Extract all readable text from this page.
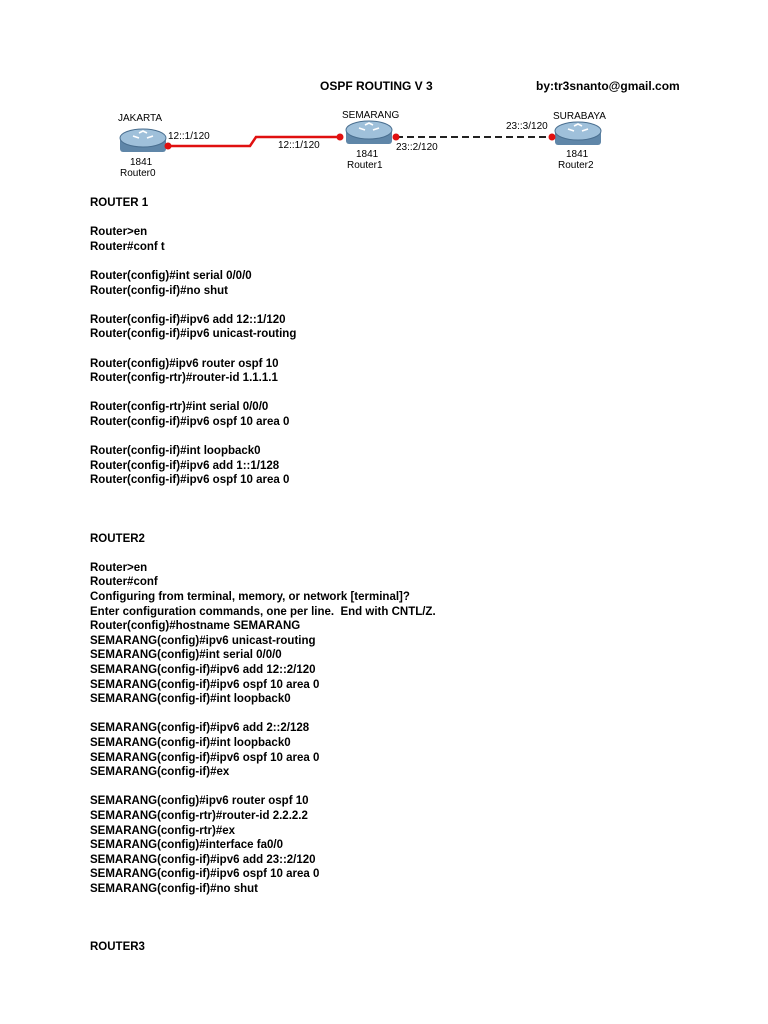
OSPF ROUTING V 3	by:tr3snanto@gmail.com
JAKARTA
1841
Router0
SEMARANG
1841
Router1
SURABAYA
1841
Router2
12::1/120
12::1/120	23::2/120
23::3/120
ROUTER 1
Router>en
Router#conf t
Router(config)#int serial 0/0/0
Router(config-if)#no shut
Router(config-if)#ipv6 add 12::1/120
Router(config-if)#ipv6 unicast-routing
Router(config)#ipv6 router ospf 10
Router(config-rtr)#router-id 1.1.1.1
Router(config-rtr)#int serial 0/0/0
Router(config-if)#ipv6 ospf 10 area 0
Router(config-if)#int loopback0
Router(config-if)#ipv6 add 1::1/128
Router(config-if)#ipv6 ospf 10 area 0
ROUTER2
Router>en
Router#conf
Configuring from terminal, memory, or network [terminal]?
Enter configuration commands, one per line.  End with CNTL/Z.
Router(config)#hostname SEMARANG
SEMARANG(config)#ipv6 unicast-routing
SEMARANG(config)#int serial 0/0/0
SEMARANG(config-if)#ipv6 add 12::2/120
SEMARANG(config-if)#ipv6 ospf 10 area 0
SEMARANG(config-if)#int loopback0
SEMARANG(config-if)#ipv6 add 2::2/128
SEMARANG(config-if)#int loopback0
SEMARANG(config-if)#ipv6 ospf 10 area 0
SEMARANG(config-if)#ex
SEMARANG(config)#ipv6 router ospf 10
SEMARANG(config-rtr)#router-id 2.2.2.2
SEMARANG(config-rtr)#ex
SEMARANG(config)#interface fa0/0
SEMARANG(config-if)#ipv6 add 23::2/120
SEMARANG(config-if)#ipv6 ospf 10 area 0
SEMARANG(config-if)#no shut
ROUTER3
